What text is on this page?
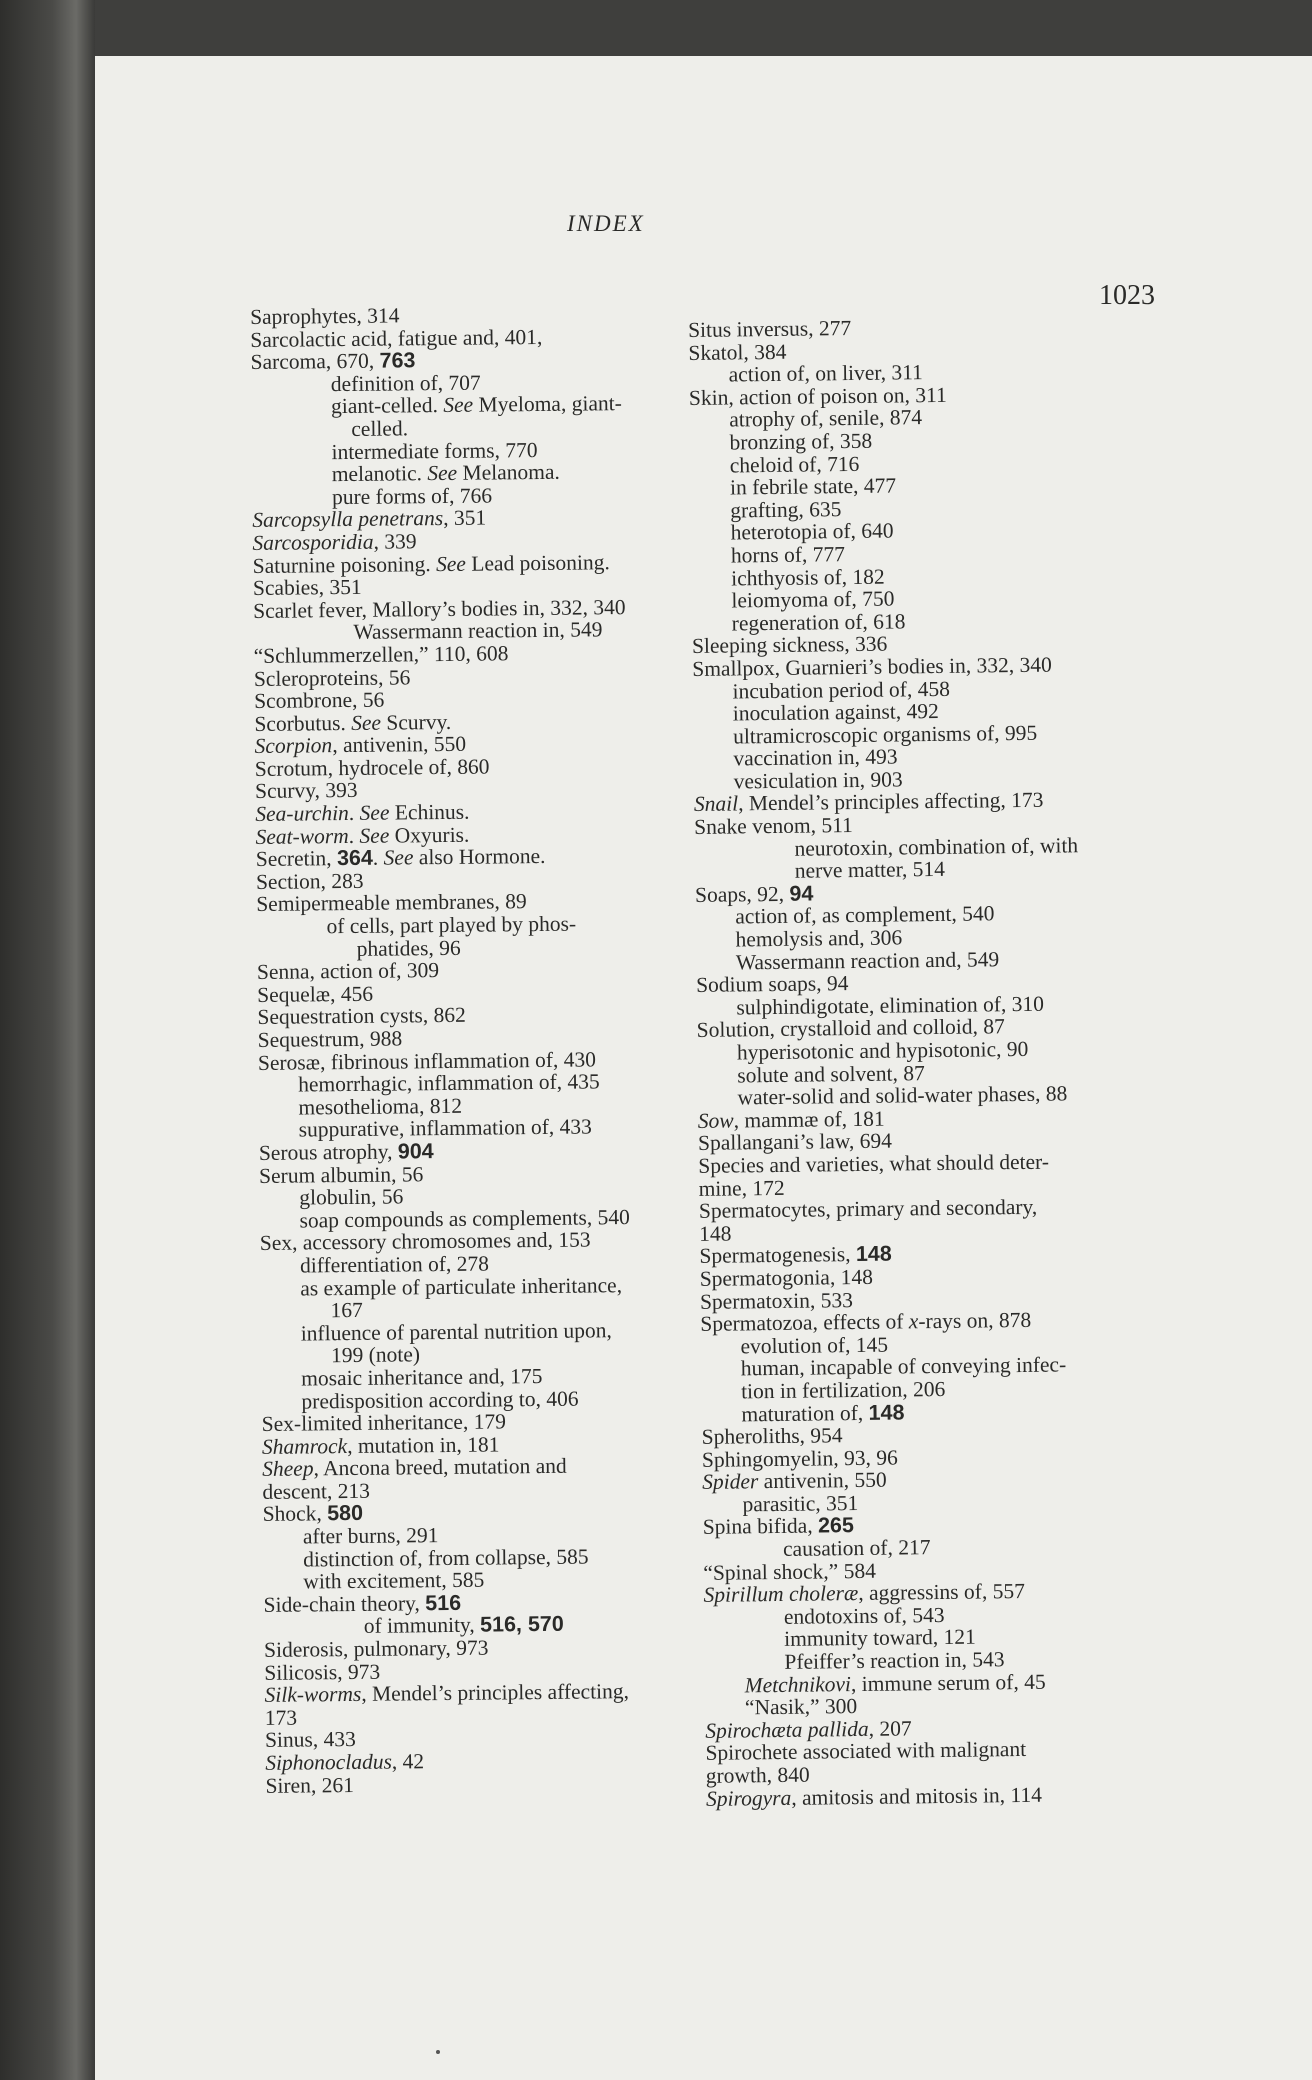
INDEX
1023
Saprophytes, 314
Sarcolactic acid, fatigue and, 401,
Sarcoma, 670, 763
definition of, 707
giant-celled. See Myeloma, giant-
celled.
intermediate forms, 770
melanotic. See Melanoma.
pure forms of, 766
Sarcopsylla penetrans, 351
Sarcosporidia, 339
Saturnine poisoning. See Lead poisoning.
Scabies, 351
Scarlet fever, Mallory’s bodies in, 332, 340
Wassermann reaction in, 549
“Schlummerzellen,” 110, 608
Scleroproteins, 56
Scombrone, 56
Scorbutus. See Scurvy.
Scorpion, antivenin, 550
Scrotum, hydrocele of, 860
Scurvy, 393
Sea-urchin. See Echinus.
Seat-worm. See Oxyuris.
Secretin, 364. See also Hormone.
Section, 283
Semipermeable membranes, 89
of cells, part played by phos-
phatides, 96
Senna, action of, 309
Sequelæ, 456
Sequestration cysts, 862
Sequestrum, 988
Serosæ, fibrinous inflammation of, 430
hemorrhagic, inflammation of, 435
mesothelioma, 812
suppurative, inflammation of, 433
Serous atrophy, 904
Serum albumin, 56
globulin, 56
soap compounds as complements, 540
Sex, accessory chromosomes and, 153
differentiation of, 278
as example of particulate inheritance,
167
influence of parental nutrition upon,
199 (note)
mosaic inheritance and, 175
predisposition according to, 406
Sex-limited inheritance, 179
Shamrock, mutation in, 181
Sheep, Ancona breed, mutation and
descent, 213
Shock, 580
after burns, 291
distinction of, from collapse, 585
with excitement, 585
Side-chain theory, 516
of immunity, 516, 570
Siderosis, pulmonary, 973
Silicosis, 973
Silk-worms, Mendel’s principles affecting,
173
Sinus, 433
Siphonocladus, 42
Siren, 261
Situs inversus, 277
Skatol, 384
action of, on liver, 311
Skin, action of poison on, 311
atrophy of, senile, 874
bronzing of, 358
cheloid of, 716
in febrile state, 477
grafting, 635
heterotopia of, 640
horns of, 777
ichthyosis of, 182
leiomyoma of, 750
regeneration of, 618
Sleeping sickness, 336
Smallpox, Guarnieri’s bodies in, 332, 340
incubation period of, 458
inoculation against, 492
ultramicroscopic organisms of, 995
vaccination in, 493
vesiculation in, 903
Snail, Mendel’s principles affecting, 173
Snake venom, 511
neurotoxin, combination of, with
nerve matter, 514
Soaps, 92, 94
action of, as complement, 540
hemolysis and, 306
Wassermann reaction and, 549
Sodium soaps, 94
sulphindigotate, elimination of, 310
Solution, crystalloid and colloid, 87
hyperisotonic and hypisotonic, 90
solute and solvent, 87
water-solid and solid-water phases, 88
Sow, mammæ of, 181
Spallangani’s law, 694
Species and varieties, what should deter-
mine, 172
Spermatocytes, primary and secondary,
148
Spermatogenesis, 148
Spermatogonia, 148
Spermatoxin, 533
Spermatozoa, effects of x-rays on, 878
evolution of, 145
human, incapable of conveying infec-
tion in fertilization, 206
maturation of, 148
Spheroliths, 954
Sphingomyelin, 93, 96
Spider antivenin, 550
parasitic, 351
Spina bifida, 265
causation of, 217
“Spinal shock,” 584
Spirillum choleræ, aggressins of, 557
endotoxins of, 543
immunity toward, 121
Pfeiffer’s reaction in, 543
Metchnikovi, immune serum of, 45
“Nasik,” 300
Spirochæta pallida, 207
Spirochete associated with malignant
growth, 840
Spirogyra, amitosis and mitosis in, 114
